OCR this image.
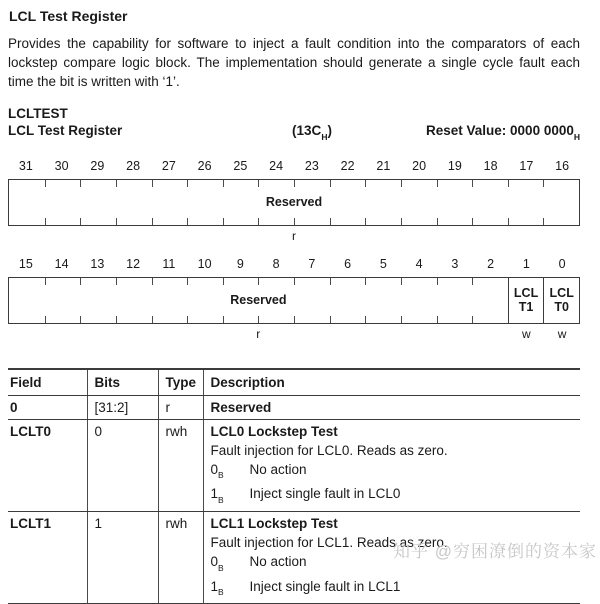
LCL Test Register

Provides the capability for software to inject a fault condition into the comparators of each lockstep compare logic block. The implementation should generate a single cycle fault each time the bit is written with ‘1’.

LCLTEST
LCL Test Register	$(13C_H)$	Reset Value: 0000 $0000_H$
31	30	29	28	27	26	25	24	23	22	21	20	19	18	17	16
Reserved
r
15	14	13	12	11	10	9	8	7	6	5	4	3	2	1	0
Reserved	LCL
T1
LCL
T0
r	w	w
Field	Bits	Type	Description
0	[31:2]	r	Reserved

LCLT0	0	rwh	LCL0 Lockstep Test
Fault injection for LCL0. Reads as zero.
$0_B$	No action
$1_B$	Inject single fault in LCL0

LCLT1	1	rwh	LCL1 Lockstep Test
Fault injection for LCL1. Reads as zero.
$0_B$	No action
$1_B$	Inject single fault in LCL1
知乎 @穷困潦倒的资本家
